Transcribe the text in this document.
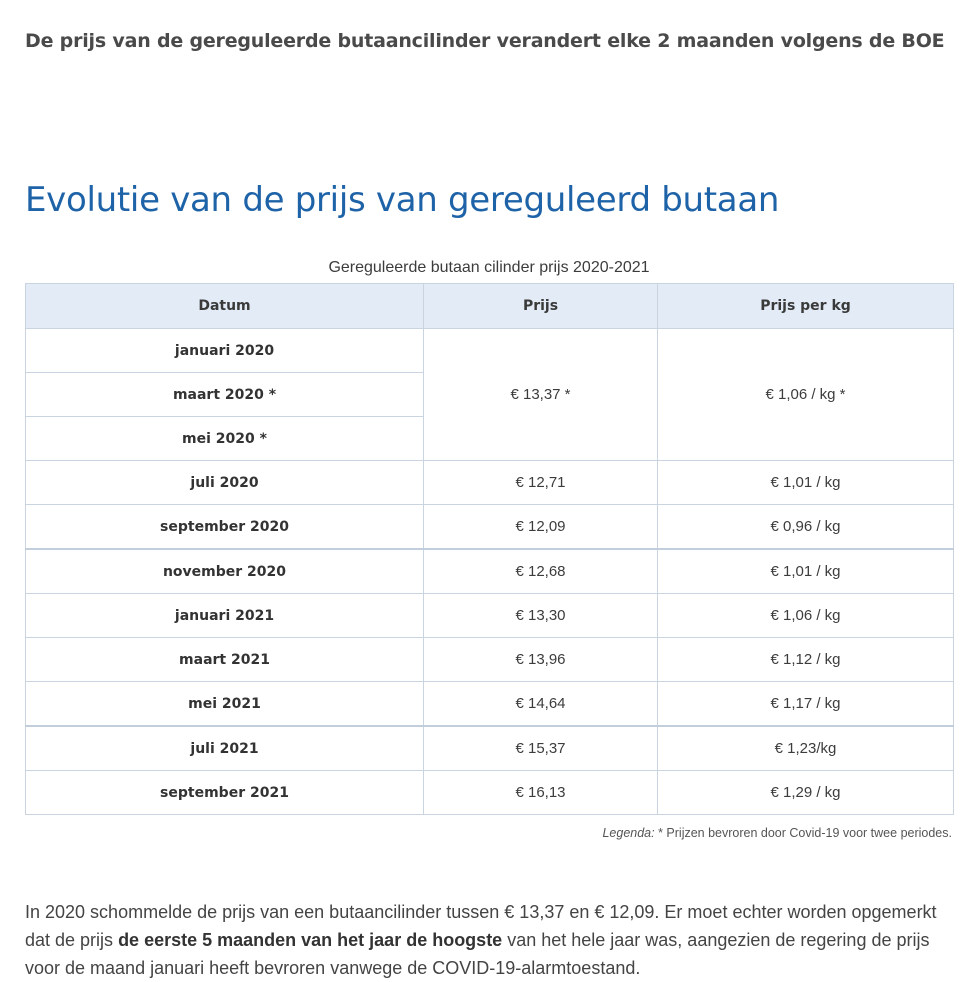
De prijs van de gereguleerde butaancilinder verandert elke 2 maanden volgens de BOE
Evolutie van de prijs van gereguleerd butaan
Gereguleerde butaan cilinder prijs 2020-2021
Datum	Prijs	Prijs per kg
januari 2020	€ 13,37 *	€ 1,06 / kg *
maart 2020 *		
mei 2020 *		
juli 2020	€ 12,71	€ 1,01 / kg
september 2020	€ 12,09	€ 0,96 / kg
november 2020	€ 12,68	€ 1,01 / kg
januari 2021	€ 13,30	€ 1,06 / kg
maart 2021	€ 13,96	€ 1,12 / kg
mei 2021	€ 14,64	€ 1,17 / kg
juli 2021	€ 15,37	€ 1,23/kg
september 2021	€ 16,13	€ 1,29 / kg
Legenda: * Prijzen bevroren door Covid-19 voor twee periodes.

In 2020 schommelde de prijs van een butaancilinder tussen € 13,37 en € 12,09. Er moet echter worden opgemerkt dat de prijs de eerste 5 maanden van het jaar de hoogste van het hele jaar was, aangezien de regering de prijs voor de maand januari heeft bevroren vanwege de COVID-19-alarmtoestand.
